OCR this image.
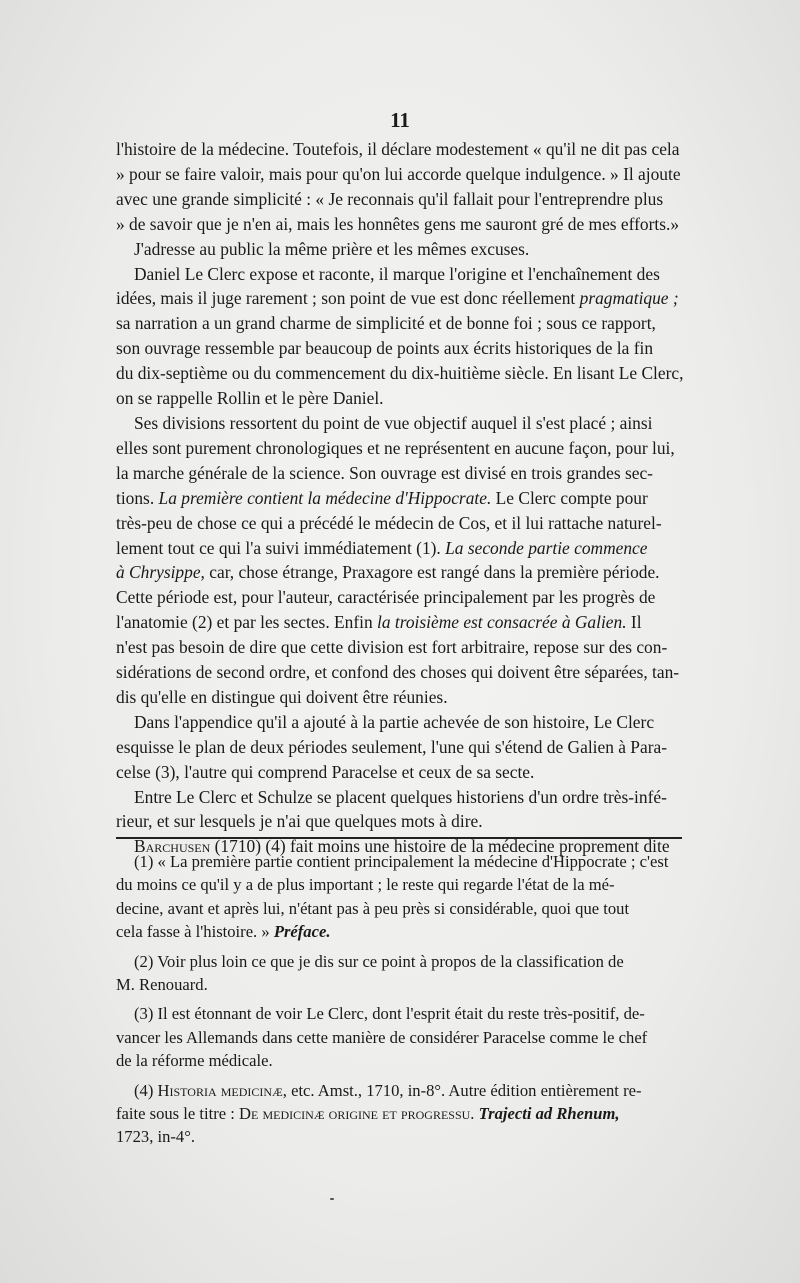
11
l'histoire de la médecine. Toutefois, il déclare modestement « qu'il ne dit pas cela
» pour se faire valoir, mais pour qu'on lui accorde quelque indulgence. » Il ajoute
avec une grande simplicité : « Je reconnais qu'il fallait pour l'entreprendre plus
» de savoir que je n'en ai, mais les honnêtes gens me sauront gré de mes efforts.»
J'adresse au public la même prière et les mêmes excuses.
Daniel Le Clerc expose et raconte, il marque l'origine et l'enchaînement des
idées, mais il juge rarement ; son point de vue est donc réellement pragmatique ;
sa narration a un grand charme de simplicité et de bonne foi ; sous ce rapport,
son ouvrage ressemble par beaucoup de points aux écrits historiques de la fin
du dix-septième ou du commencement du dix-huitième siècle. En lisant Le Clerc,
on se rappelle Rollin et le père Daniel.
Ses divisions ressortent du point de vue objectif auquel il s'est placé ; ainsi
elles sont purement chronologiques et ne représentent en aucune façon, pour lui,
la marche générale de la science. Son ouvrage est divisé en trois grandes sec-
tions. La première contient la médecine d'Hippocrate. Le Clerc compte pour
très-peu de chose ce qui a précédé le médecin de Cos, et il lui rattache naturel-
lement tout ce qui l'a suivi immédiatement (1). La seconde partie commence
à Chrysippe, car, chose étrange, Praxagore est rangé dans la première période.
Cette période est, pour l'auteur, caractérisée principalement par les progrès de
l'anatomie (2) et par les sectes. Enfin la troisième est consacrée à Galien. Il
n'est pas besoin de dire que cette division est fort arbitraire, repose sur des con-
sidérations de second ordre, et confond des choses qui doivent être séparées, tan-
dis qu'elle en distingue qui doivent être réunies.
Dans l'appendice qu'il a ajouté à la partie achevée de son histoire, Le Clerc
esquisse le plan de deux périodes seulement, l'une qui s'étend de Galien à Para-
celse (3), l'autre qui comprend Paracelse et ceux de sa secte.
Entre Le Clerc et Schulze se placent quelques historiens d'un ordre très-infé-
rieur, et sur lesquels je n'ai que quelques mots à dire.
Barchusen (1710) (4) fait moins une histoire de la médecine proprement dite
(1) « La première partie contient principalement la médecine d'Hippocrate ; c'est
du moins ce qu'il y a de plus important ; le reste qui regarde l'état de la mé-
decine, avant et après lui, n'étant pas à peu près si considérable, quoi que tout
cela fasse à l'histoire. » Préface.
(2) Voir plus loin ce que je dis sur ce point à propos de la classification de
M. Renouard.
(3) Il est étonnant de voir Le Clerc, dont l'esprit était du reste très-positif, de-
vancer les Allemands dans cette manière de considérer Paracelse comme le chef
de la réforme médicale.
(4) Historia medicinæ, etc. Amst., 1710, in-8°. Autre édition entièrement re-
faite sous le titre : De medicinæ origine et progressu. Trajecti ad Rhenum,
1723, in-4°.
